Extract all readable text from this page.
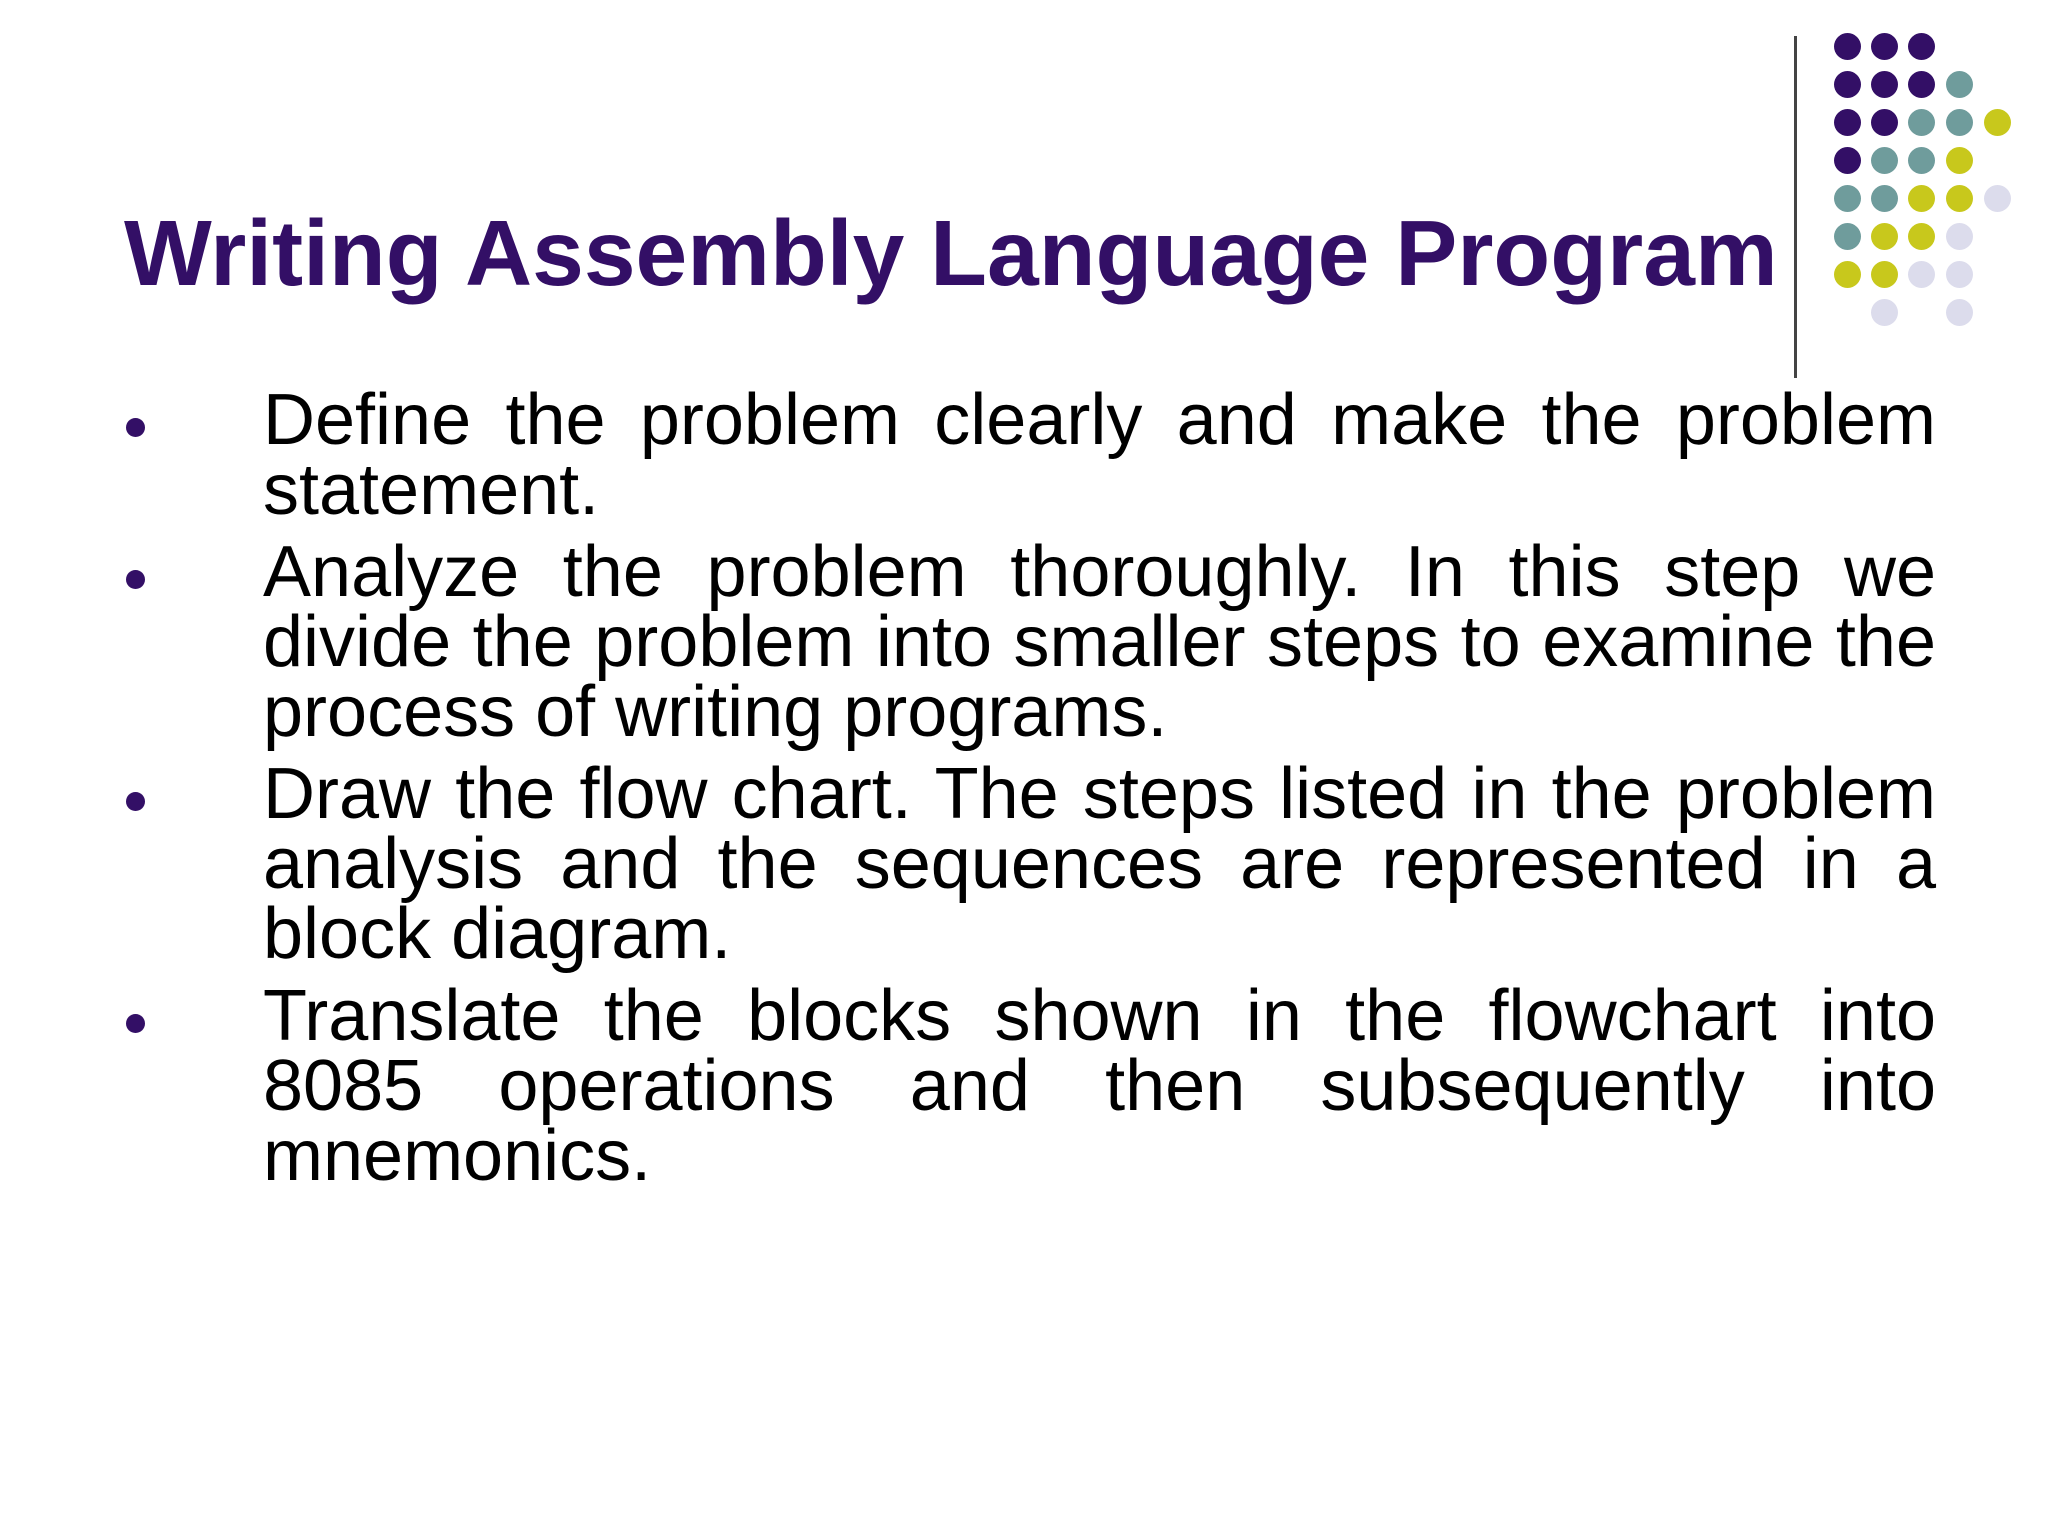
Writing Assembly Language Program
Define the problem clearly and make the problem statement.
Analyze the problem thoroughly. In this step we divide the problem into smaller steps to examine the process of writing programs.
Draw the flow chart. The steps listed in the problem analysis and the sequences are represented in a block diagram.
Translate the blocks shown in the flowchart into 8085 operations and then subsequently into mnemonics.
